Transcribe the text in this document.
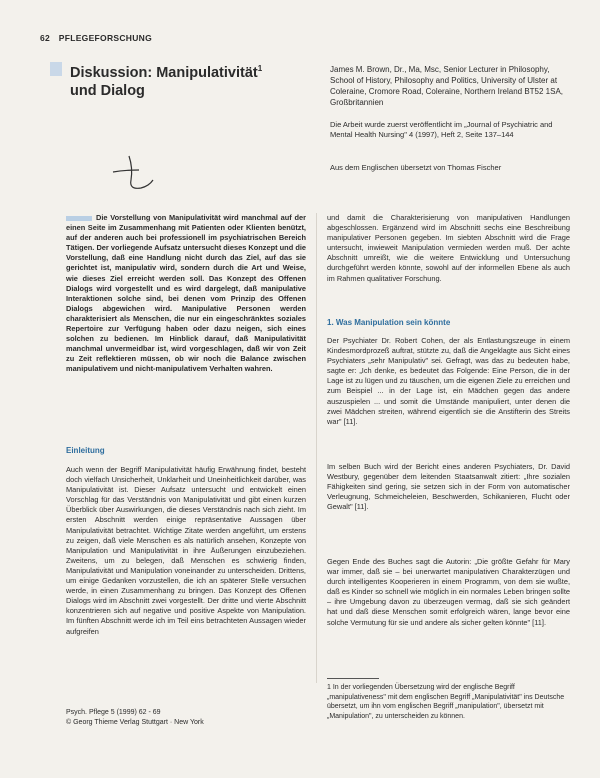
62 PFLEGEFORSCHUNG
Diskussion: Manipulativität$^1$
und Dialog
James M. Brown, Dr., Ma, Msc, Senior Lecturer in Philosophy, School of History, Philosophy and Politics, University of Ulster at Coleraine, Cromore Road, Coleraine, Northern Ireland BT52 1SA, Großbritannien
Die Arbeit wurde zuerst veröffentlicht im „Journal of Psychiatric and Mental Health Nursing" 4 (1997), Heft 2, Seite 137–144
Aus dem Englischen übersetzt von Thomas Fischer
Die Vorstellung von Manipulativität wird manchmal auf der einen Seite im Zusammenhang mit Patienten oder Klienten benützt, auf der anderen auch bei professionell im psychiatrischen Bereich Tätigen. Der vorliegende Aufsatz untersucht dieses Konzept und die Vorstellung, daß eine Handlung nicht durch das Ziel, auf das sie gerichtet ist, manipulativ wird, sondern durch die Art und Weise, wie dieses Ziel erreicht werden soll. Das Konzept des Offenen Dialogs wird vorgestellt und es wird dargelegt, daß manipulative Interaktionen solche sind, bei denen vom Prinzip des Offenen Dialogs abgewichen wird. Manipulative Personen werden charakterisiert als Menschen, die nur ein eingeschränktes soziales Repertoire zur Verfügung haben oder dazu neigen, sich eines solchen zu bedienen. Im Hinblick darauf, daß Manipulativität manchmal unvermeidbar ist, wird vorgeschlagen, daß wir von Zeit zu Zeit reflektieren müssen, ob wir noch die Balance zwischen manipulativem und nicht-manipulativem Verhalten wahren.
Einleitung

Auch wenn der Begriff Manipulativität häufig Erwähnung findet, besteht doch vielfach Unsicherheit, Unklarheit und Uneinheitlichkeit darüber, was Manipulativität ist. Dieser Aufsatz untersucht und entwickelt einen Vorschlag für das Verständnis von Manipulativität und gibt einen kurzen Überblick über Auswirkungen, die dieses Verständnis nach sich zieht. Im ersten Abschnitt werden einige repräsentative Aussagen über Manipulativität betrachtet. Wichtige Zitate werden angeführt, um erstens zu zeigen, daß viele Menschen es als natürlich ansehen, Konzepte von Manipulation und Manipulativität in ihre Äußerungen einzubeziehen. Zweitens, um zu belegen, daß Menschen es schwierig finden, Manipulativität und Manipulation voneinander zu unterscheiden. Drittens, um einige Gedanken vorzustellen, die ich an späterer Stelle versuchen werde, in einen Zusammenhang zu bringen. Das Konzept des Offenen Dialogs wird im Abschnitt zwei vorgestellt. Der dritte und vierte Abschnitt konzentrieren sich auf negative und positive Aspekte von Manipulation. Im fünften Abschnitt werde ich im Teil eins betrachteten Aussagen wieder aufgreifen

und damit die Charakterisierung von manipulativen Handlungen abgeschlossen. Ergänzend wird im Abschnitt sechs eine Beschreibung manipulativer Personen gegeben. Im siebten Abschnitt wird die Frage untersucht, inwieweit Manipulation vermieden werden muß. Der achte Abschnitt umreißt, wie die weitere Entwicklung und Untersuchung durchgeführt werden könnte, sowohl auf der informellen Ebene als auch im Rahmen qualitativer Forschung.

1. Was Manipulation sein könnte

Der Psychiater Dr. Robert Cohen, der als Entlastungszeuge in einem Kindesmordprozeß auftrat, stützte zu, daß die Angeklagte aus Sicht eines Psychiaters „sehr Manipulativ" sei. Gefragt, was das zu bedeuten habe, sagte er: „Ich denke, es bedeutet das Folgende: Eine Person, die in der Lage ist zu lügen und zu täuschen, um die eigenen Ziele zu erreichen und zum Beispiel ... in der Lage ist, ein Mädchen gegen das andere auszuspielen ... und somit die Umstände manipuliert, unter denen die zwei Mädchen streiten, während eigentlich sie die Anstifterin des Streits war" [11].

Im selben Buch wird der Bericht eines anderen Psychiaters, Dr. David Westbury, gegenüber dem leitenden Staatsanwalt zitiert: „Ihre sozialen Fähigkeiten sind gering, sie setzen sich in der Form von automatischer Verleugnung, Schmeicheleien, Beschwerden, Schikanieren, Flucht oder Gewalt" [11].

Gegen Ende des Buches sagt die Autorin: „Die größte Gefahr für Mary war immer, daß sie – bei unerwartet manipulativen Charakterzügen und durch intelligentes Kooperieren in einem Programm, von dem sie wußte, daß es Kinder so schnell wie möglich in ein normales Leben bringen sollte – ihre Umgebung davon zu überzeugen vermag, daß sie sich geändert hat und daß diese Menschen somit erfolgreich wären, lange bevor eine solche Vermutung für sie und andere als sicher gelten könnte" [11].

1 In der vorliegenden Übersetzung wird der englische Begriff „manipulativeness" mit dem englischen Begriff „Manipulativität" ins Deutsche übersetzt, um ihn vom englischen Begriff „manipulation", übersetzt mit „Manipulation", zu unterscheiden zu können.
Psych. Pflege 5 (1999) 62 - 69
© Georg Thieme Verlag Stuttgart · New York
